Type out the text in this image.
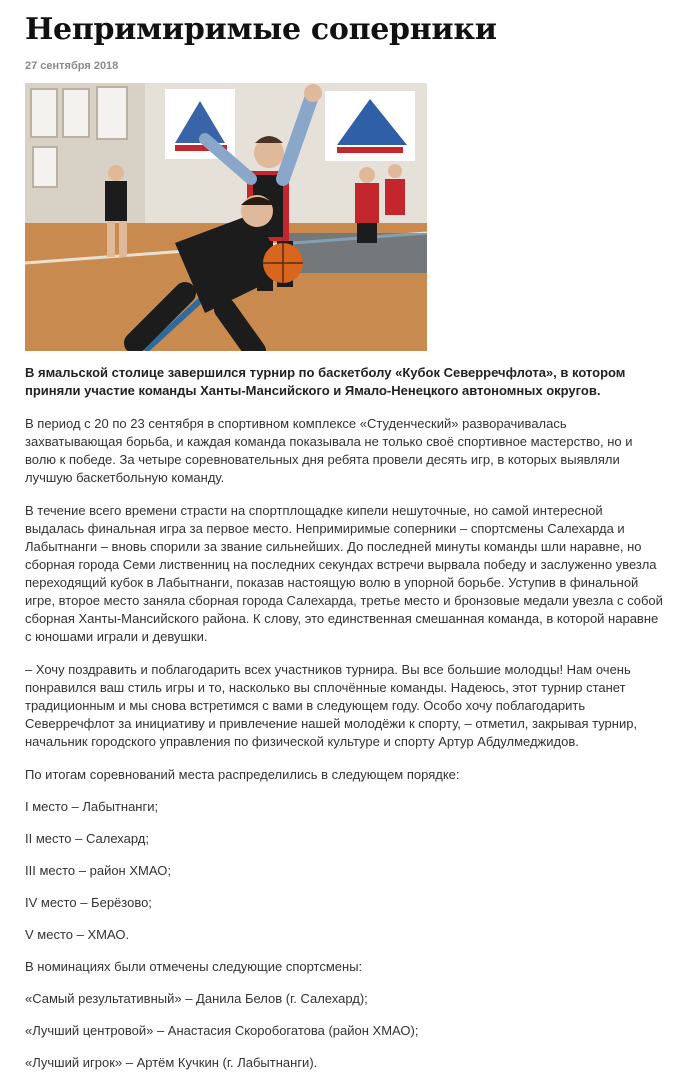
Непримиримые соперники
27 сентября 2018

В ямальской столице завершился турнир по баскетболу «Кубок Северречфлота», в котором приняли участие команды Ханты-Мансийского и Ямало-Ненецкого автономных округов.

В период с 20 по 23 сентября в спортивном комплексе «Студенческий» разворачивалась захватывающая борьба, и каждая команда показывала не только своё спортивное мастерство, но и волю к победе. За четыре соревновательных дня ребята провели десять игр, в которых выявляли лучшую баскетбольную команду.

В течение всего времени страсти на спортплощадке кипели нешуточные, но самой интересной выдалась финальная игра за первое место. Непримиримые соперники – спортсмены Салехарда и Лабытнанги – вновь спорили за звание сильнейших. До последней минуты команды шли наравне, но сборная города Семи лиственниц на последних секундах встречи вырвала победу и заслуженно увезла переходящий кубок в Лабытнанги, показав настоящую волю в упорной борьбе. Уступив в финальной игре, второе место заняла сборная города Салехарда, третье место и бронзовые медали увезла с собой сборная Ханты-Мансийского района. К слову, это единственная смешанная команда, в которой наравне с юношами играли и девушки.

– Хочу поздравить и поблагодарить всех участников турнира. Вы все большие молодцы! Нам очень понравился ваш стиль игры и то, насколько вы сплочённые команды. Надеюсь, этот турнир станет традиционным и мы снова встретимся с вами в следующем году. Особо хочу поблагодарить Северречфлот за инициативу и привлечение нашей молодёжи к спорту, – отметил, закрывая турнир, начальник городского управления по физической культуре и спорту Артур Абдулмеджидов.

По итогам соревнований места распределились в следующем порядке:

I место – Лабытнанги;

II место – Салехард;

III место – район ХМАО;

IV место – Берёзово;

V место – ХМАО.

В номинациях были отмечены следующие спортсмены:

«Самый результативный» – Данила Белов (г. Салехард);

«Лучший центровой» – Анастасия Скоробогатова (район ХМАО);

«Лучший игрок» – Артём Кучкин (г. Лабытнанги).
